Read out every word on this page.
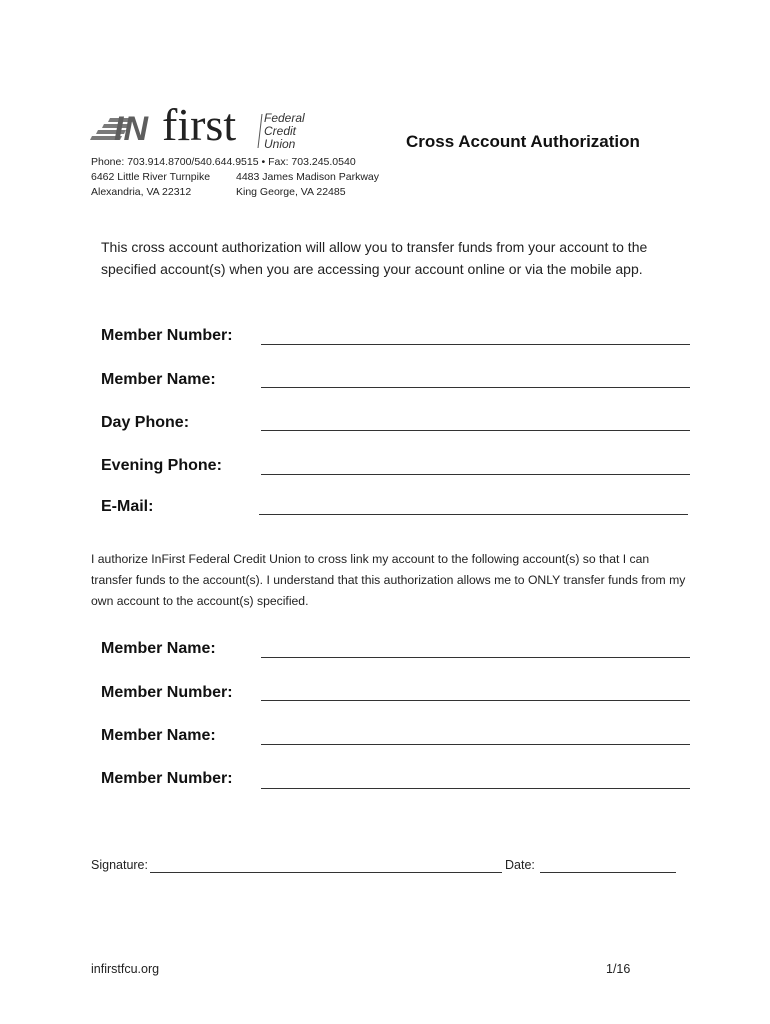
IN first Federal
Credit
Union	Cross Account Authorization
Phone: 703.914.8700/540.644.9515 • Fax: 703.245.0540
6462 Little River Turnpike
Alexandria, VA 22312
4483 James Madison Parkway
King George, VA 22485
This cross account authorization will allow you to transfer funds from your account to the specified account(s) when you are accessing your account online or via the mobile app.
Member Number:
Member Name:
Day Phone:
Evening Phone:
E-Mail:
I authorize InFirst Federal Credit Union to cross link my account to the following account(s) so that I can transfer funds to the account(s). I understand that this authorization allows me to ONLY transfer funds from my own account to the account(s) specified.
Member Name:
Member Number:
Member Name:
Member Number:
Signature:	Date:
infirstfcu.org	1/16
